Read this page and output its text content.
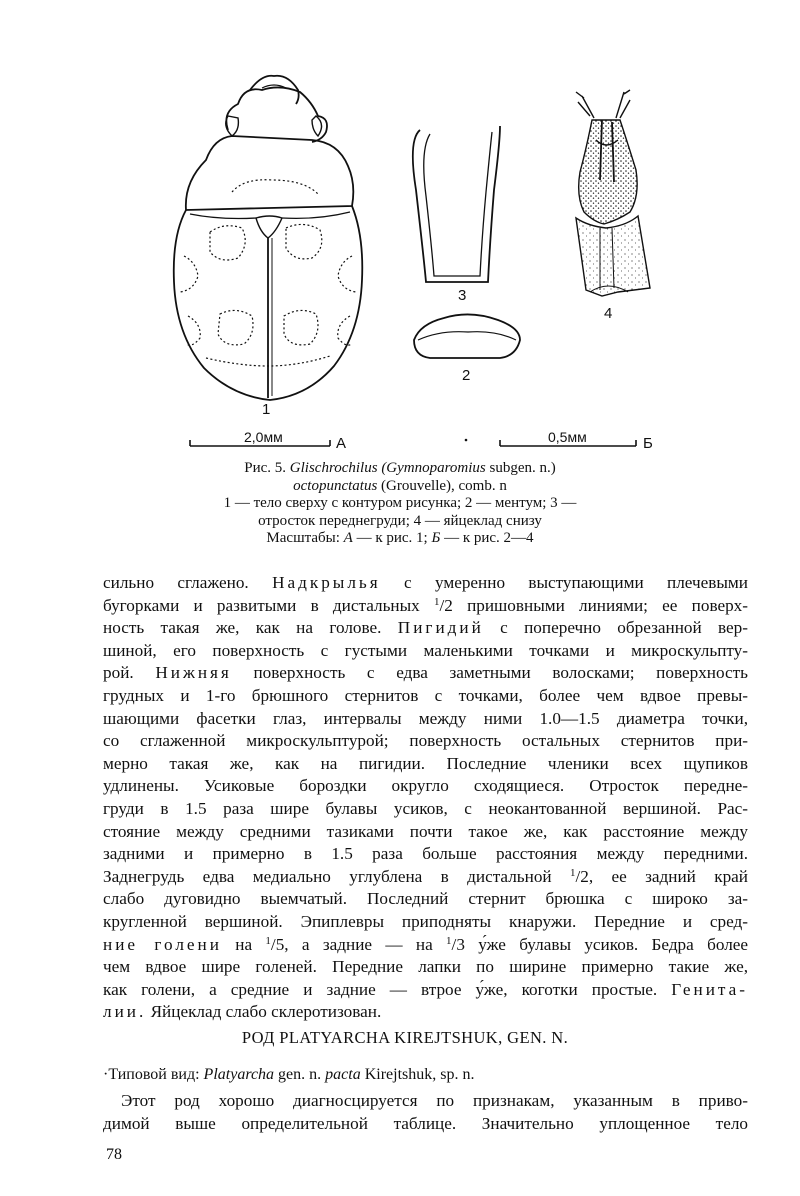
1
3
2
4
2,0мм	А	0,5мм	Б
Рис. 5. Glischrochilus (Gymnoparomius subgen. n.)
octopunctatus (Grouvelle), comb. n
1 — тело сверху с контуром рисунка; 2 — ментум; 3 —
отросток переднегруди; 4 — яйцеклад снизу
Масштабы: А — к рис. 1; Б — к рис. 2—4
сильно сглажено. Надкрылья с умеренно выступающими плечевыми
бугорками и развитыми в дистальных $^1$/2 пришовными линиями; ее поверх-
ность такая же, как на голове. Пигидий с поперечно обрезанной вер-
шиной, его поверхность с густыми маленькими точками и микроскульпту-
рой. Нижняя поверхность с едва заметными волосками; поверхность
грудных и 1-го брюшного стернитов с точками, более чем вдвое превы-
шающими фасетки глаз, интервалы между ними 1.0—1.5 диаметра точки,
со сглаженной микроскульптурой; поверхность остальных стернитов при-
мерно такая же, как на пигидии. Последние членики всех щупиков
удлинены. Усиковые бороздки округло сходящиеся. Отросток передне-
груди в 1.5 раза шире булавы усиков, с неокантованной вершиной. Рас-
стояние между средними тазиками почти такое же, как расстояние между
задними и примерно в 1.5 раза больше расстояния между передними.
Заднегрудь едва медиально углублена в дистальной $^1$/2, ее задний край
слабо дуговидно выемчатый. Последний стернит брюшка с широко за-
кругленной вершиной. Эпиплевры приподняты кнаружи. Передние и сред-
ние голени на $^1$/5, а задние — на $^1$/3 у́же булавы усиков. Бедра более
чем вдвое шире голеней. Передние лапки по ширине примерно такие же,
как голени, а средние и задние — втрое у́же, коготки простые. Генита-
лии. Яйцеклад слабо склеротизован.
РОД PLATYARCHA KIREJTSHUK, GEN. N.
·Типовой вид: Platyarcha gen. n. pacta Kirejtshuk, sp. n.
Этот род хорошо диагносцируется по признакам, указанным в приво-
димой выше определительной таблице. Значительно уплощенное тело
78
